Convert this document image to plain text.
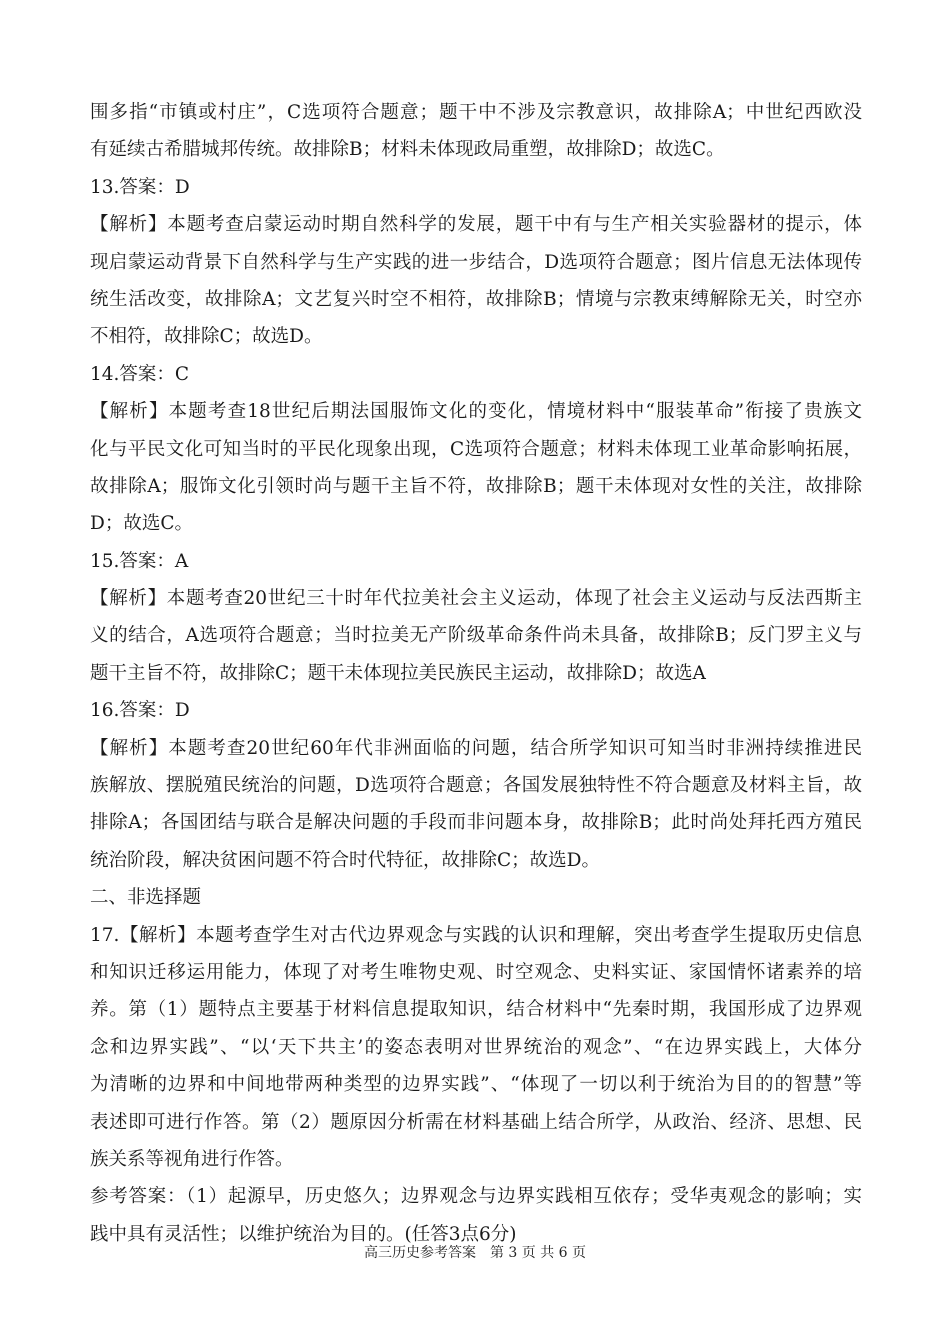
围多指“市镇或村庄”，C选项符合题意；题干中不涉及宗教意识，故排除A；中世纪西欧没
有延续古希腊城邦传统。故排除B；材料未体现政局重塑，故排除D；故选C。
13.答案：D
【解析】本题考查启蒙运动时期自然科学的发展，题干中有与生产相关实验器材的提示，体
现启蒙运动背景下自然科学与生产实践的进一步结合，D选项符合题意；图片信息无法体现传
统生活改变，故排除A；文艺复兴时空不相符，故排除B；情境与宗教束缚解除无关，时空亦
不相符，故排除C；故选D。
14.答案：C
【解析】本题考查18世纪后期法国服饰文化的变化，情境材料中“服装革命”衔接了贵族文
化与平民文化可知当时的平民化现象出现，C选项符合题意；材料未体现工业革命影响拓展，
故排除A；服饰文化引领时尚与题干主旨不符，故排除B；题干未体现对女性的关注，故排除
D；故选C。
15.答案：A
【解析】本题考查20世纪三十时年代拉美社会主义运动，体现了社会主义运动与反法西斯主
义的结合，A选项符合题意；当时拉美无产阶级革命条件尚未具备，故排除B；反门罗主义与
题干主旨不符，故排除C；题干未体现拉美民族民主运动，故排除D；故选A
16.答案：D
【解析】本题考查20世纪60年代非洲面临的问题，结合所学知识可知当时非洲持续推进民
族解放、摆脱殖民统治的问题，D选项符合题意；各国发展独特性不符合题意及材料主旨，故
排除A；各国团结与联合是解决问题的手段而非问题本身，故排除B；此时尚处拜托西方殖民
统治阶段，解决贫困问题不符合时代特征，故排除C；故选D。
二、非选择题
17.【解析】本题考查学生对古代边界观念与实践的认识和理解，突出考查学生提取历史信息
和知识迁移运用能力，体现了对考生唯物史观、时空观念、史料实证、家国情怀诸素养的培
养。第（1）题特点主要基于材料信息提取知识，结合材料中“先秦时期，我国形成了边界观
念和边界实践”、“以‘天下共主’的姿态表明对世界统治的观念”、“在边界实践上，大体分
为清晰的边界和中间地带两种类型的边界实践”、“体现了一切以利于统治为目的的智慧”等
表述即可进行作答。第（2）题原因分析需在材料基础上结合所学，从政治、经济、思想、民
族关系等视角进行作答。
参考答案：（1）起源早，历史悠久；边界观念与边界实践相互依存；受华夷观念的影响；实
践中具有灵活性；以维护统治为目的。(任答3点6分)
高三历史参考答案　第 3 页 共 6 页
